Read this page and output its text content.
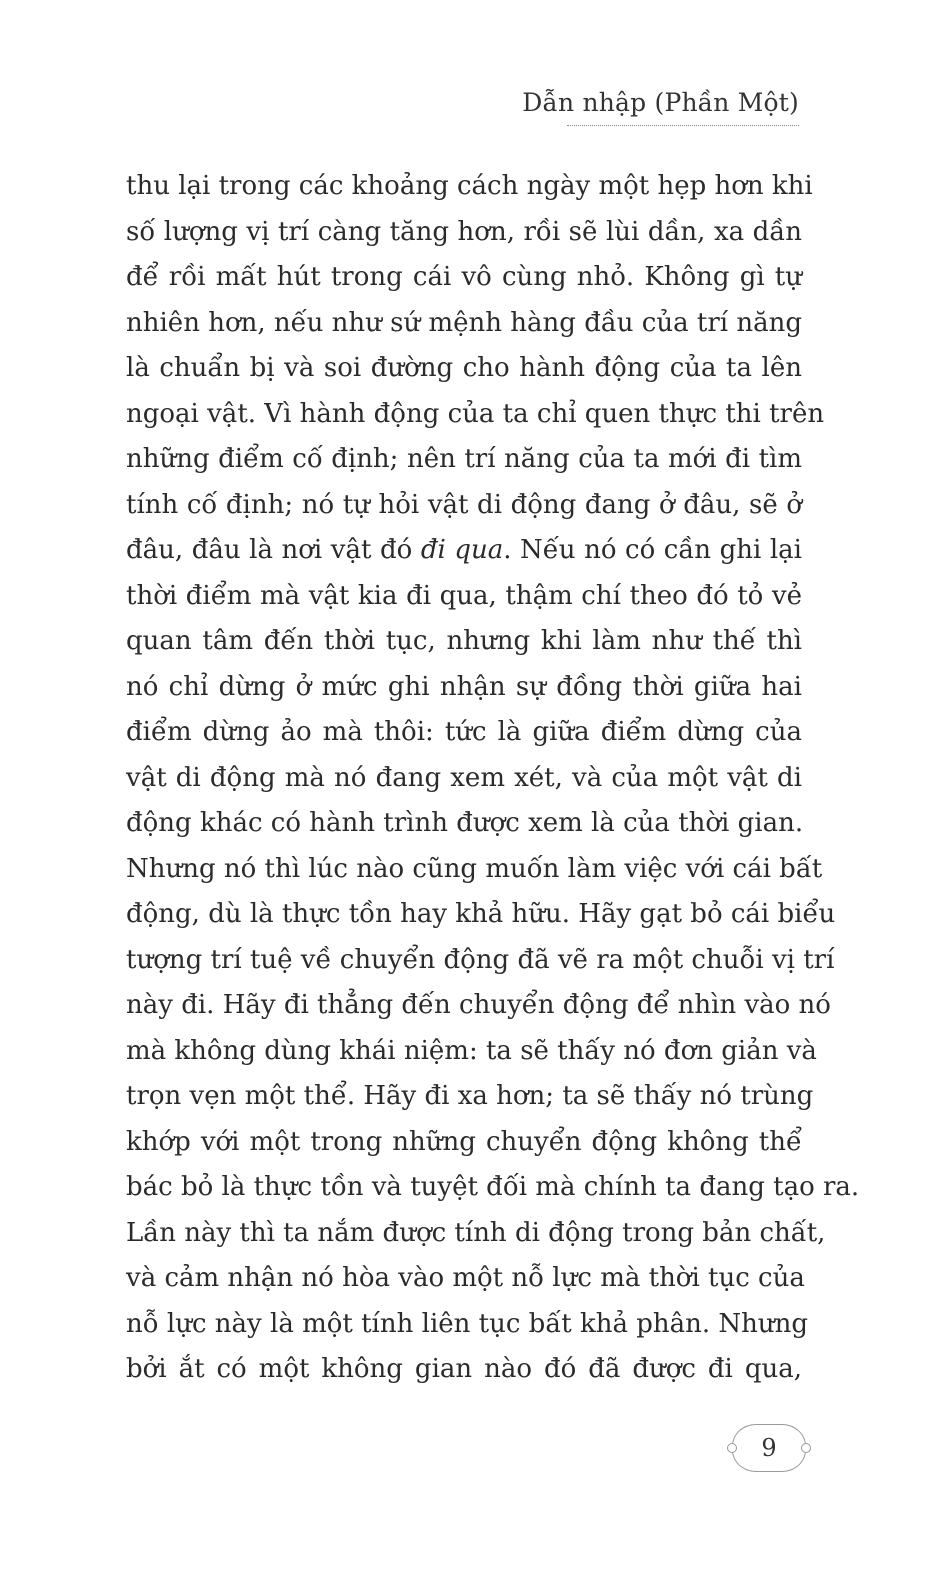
Dẫn nhập (Phần Một)
thu lại trong các khoảng cách ngày một hẹp hơn khi
số lượng vị trí càng tăng hơn, rồi sẽ lùi dần, xa dần
để rồi mất hút trong cái vô cùng nhỏ. Không gì tự
nhiên hơn, nếu như sứ mệnh hàng đầu của trí năng
là chuẩn bị và soi đường cho hành động của ta lên
ngoại vật. Vì hành động của ta chỉ quen thực thi trên
những điểm cố định; nên trí năng của ta mới đi tìm
tính cố định; nó tự hỏi vật di động đang ở đâu, sẽ ở
đâu, đâu là nơi vật đó đi qua. Nếu nó có cần ghi lại
thời điểm mà vật kia đi qua, thậm chí theo đó tỏ vẻ
quan tâm đến thời tục, nhưng khi làm như thế thì
nó chỉ dừng ở mức ghi nhận sự đồng thời giữa hai
điểm dừng ảo mà thôi: tức là giữa điểm dừng của
vật di động mà nó đang xem xét, và của một vật di
động khác có hành trình được xem là của thời gian.
Nhưng nó thì lúc nào cũng muốn làm việc với cái bất
động, dù là thực tồn hay khả hữu. Hãy gạt bỏ cái biểu
tượng trí tuệ về chuyển động đã vẽ ra một chuỗi vị trí
này đi. Hãy đi thẳng đến chuyển động để nhìn vào nó
mà không dùng khái niệm: ta sẽ thấy nó đơn giản và
trọn vẹn một thể. Hãy đi xa hơn; ta sẽ thấy nó trùng
khớp với một trong những chuyển động không thể
bác bỏ là thực tồn và tuyệt đối mà chính ta đang tạo ra.
Lần này thì ta nắm được tính di động trong bản chất,
và cảm nhận nó hòa vào một nỗ lực mà thời tục của
nỗ lực này là một tính liên tục bất khả phân. Nhưng
bởi ắt có một không gian nào đó đã được đi qua,
9
